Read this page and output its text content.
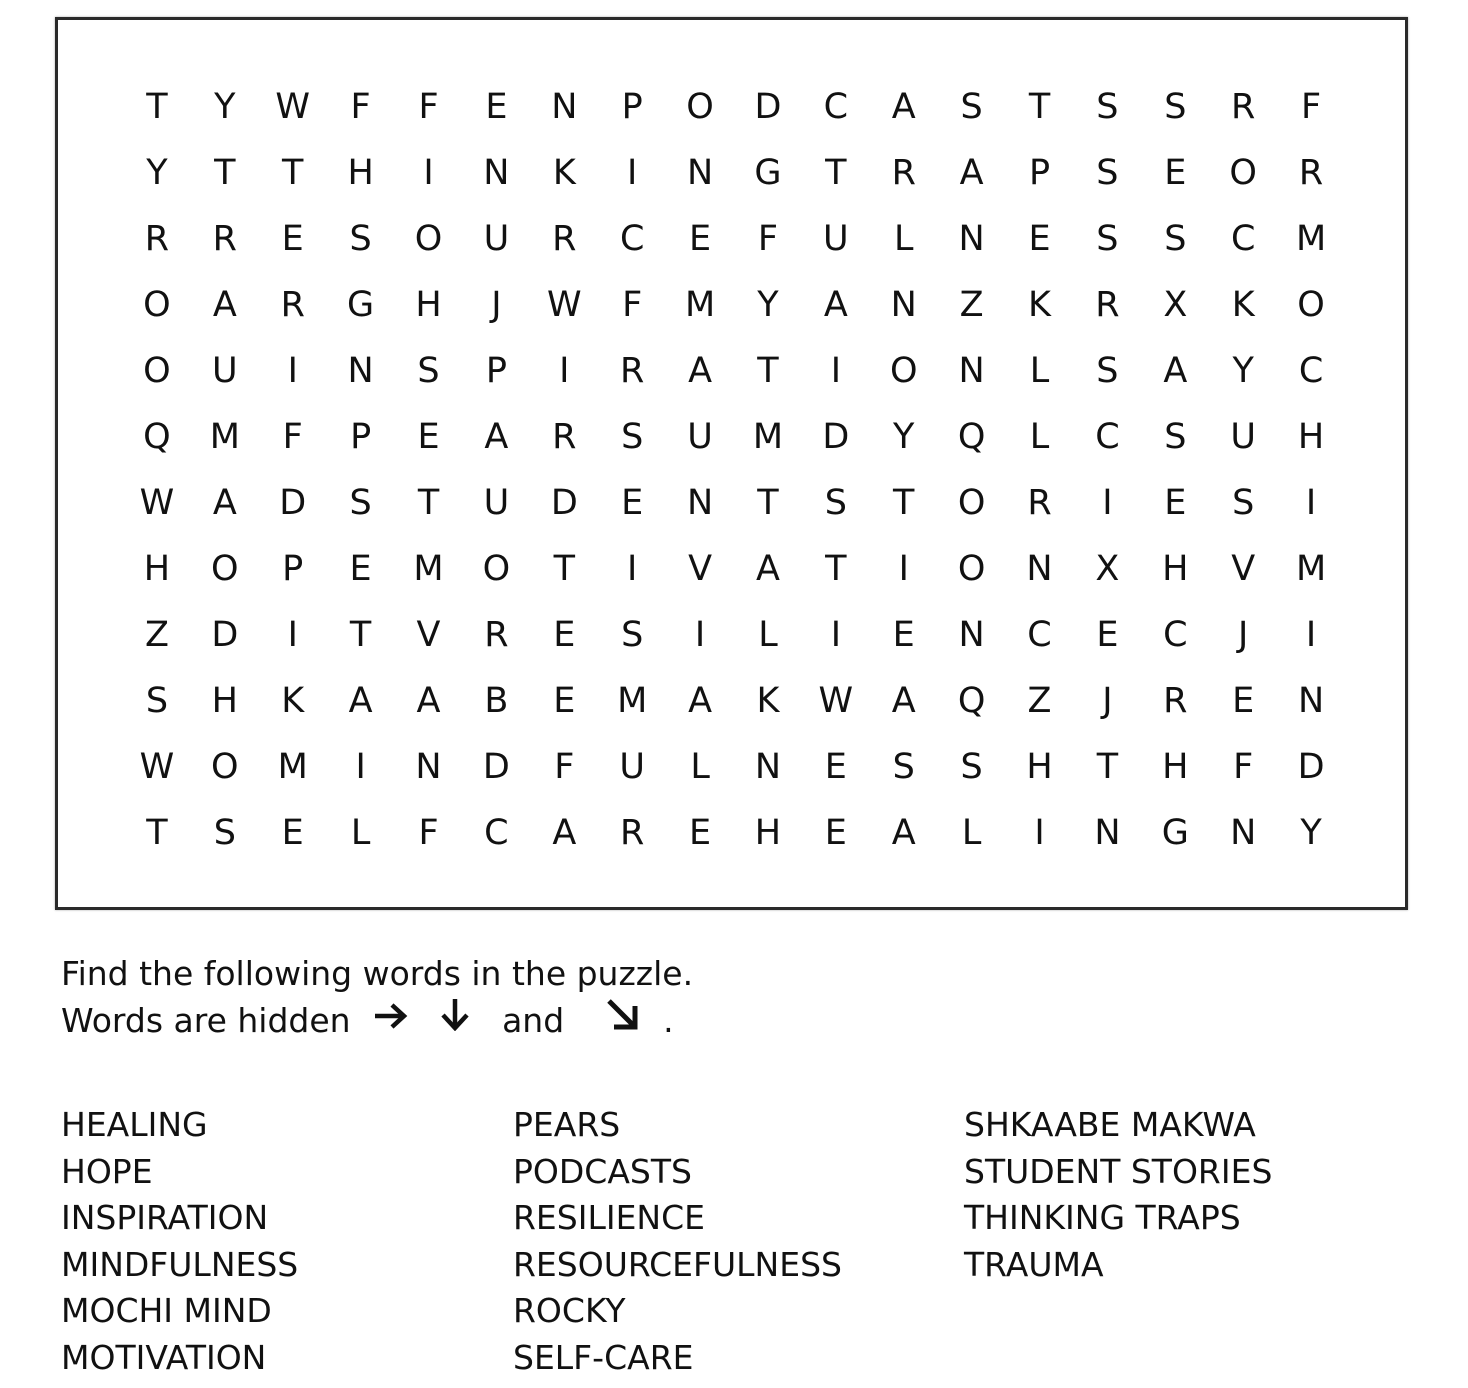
T	Y	W	F	F	E	N	P	O	D	C	A	S	T	S	S	R	F
Y	T	T	H	I	N	K	I	N	G	T	R	A	P	S	E	O	R
R	R	E	S	O	U	R	C	E	F	U	L	N	E	S	S	C	M
O	A	R	G	H	J	W	F	M	Y	A	N	Z	K	R	X	K	O
O	U	I	N	S	P	I	R	A	T	I	O	N	L	S	A	Y	C
Q	M	F	P	E	A	R	S	U	M	D	Y	Q	L	C	S	U	H
W	A	D	S	T	U	D	E	N	T	S	T	O	R	I	E	S	I
H	O	P	E	M	O	T	I	V	A	T	I	O	N	X	H	V	M
Z	D	I	T	V	R	E	S	I	L	I	E	N	C	E	C	J	I
S	H	K	A	A	B	E	M	A	K	W	A	Q	Z	J	R	E	N
W	O	M	I	N	D	F	U	L	N	E	S	S	H	T	H	F	D
T	S	E	L	F	C	A	R	E	H	E	A	L	I	N	G	N	Y
Find the following words in the puzzle.
Words are hidden	and	.
HEALING
HOPE
INSPIRATION
MINDFULNESS
MOCHI MIND
MOTIVATION
PEARS
PODCASTS
RESILIENCE
RESOURCEFULNESS
ROCKY
SELF-CARE
SHKAABE MAKWA
STUDENT STORIES
THINKING TRAPS
TRAUMA
